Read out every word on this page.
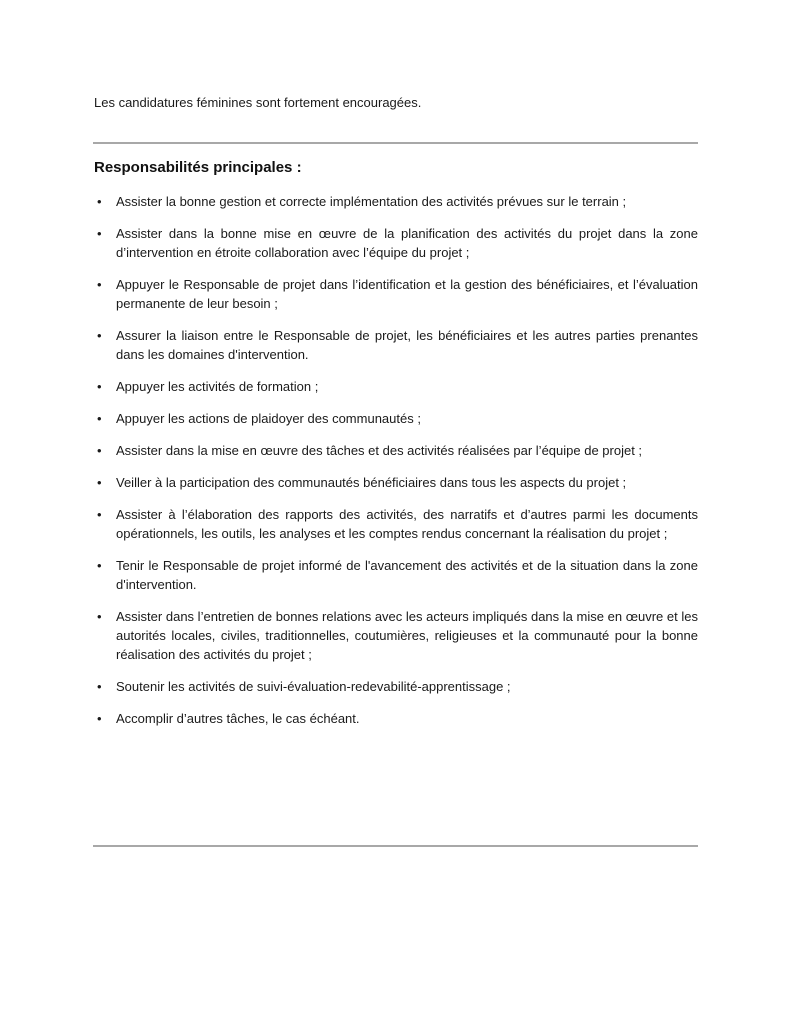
Les candidatures féminines sont fortement encouragées.

Responsabilités principales :
• Assister la bonne gestion et correcte implémentation des activités prévues sur le terrain ;
• Assister dans la bonne mise en œuvre de la planification des activités du projet dans la zone d’intervention en étroite collaboration avec l’équipe du projet ;
• Appuyer le Responsable de projet dans l’identification et la gestion des bénéficiaires, et l’évaluation permanente de leur besoin ;
• Assurer la liaison entre le Responsable de projet, les bénéficiaires et les autres parties prenantes dans les domaines d'intervention.
• Appuyer les activités de formation ;
• Appuyer les actions de plaidoyer des communautés ;
• Assister dans la mise en œuvre des tâches et des activités réalisées par l’équipe de projet ;
• Veiller à la participation des communautés bénéficiaires dans tous les aspects du projet ;
• Assister à l’élaboration des rapports des activités, des narratifs et d’autres parmi les documents opérationnels, les outils, les analyses et les comptes rendus concernant la réalisation du projet ;
• Tenir le Responsable de projet informé de l'avancement des activités et de la situation dans la zone d'intervention.
• Assister dans l’entretien de bonnes relations avec les acteurs impliqués dans la mise en œuvre et les autorités locales, civiles, traditionnelles, coutumières, religieuses et la communauté pour la bonne réalisation des activités du projet ;
• Soutenir les activités de suivi-évaluation-redevabilité-apprentissage ;
• Accomplir d’autres tâches, le cas échéant.
